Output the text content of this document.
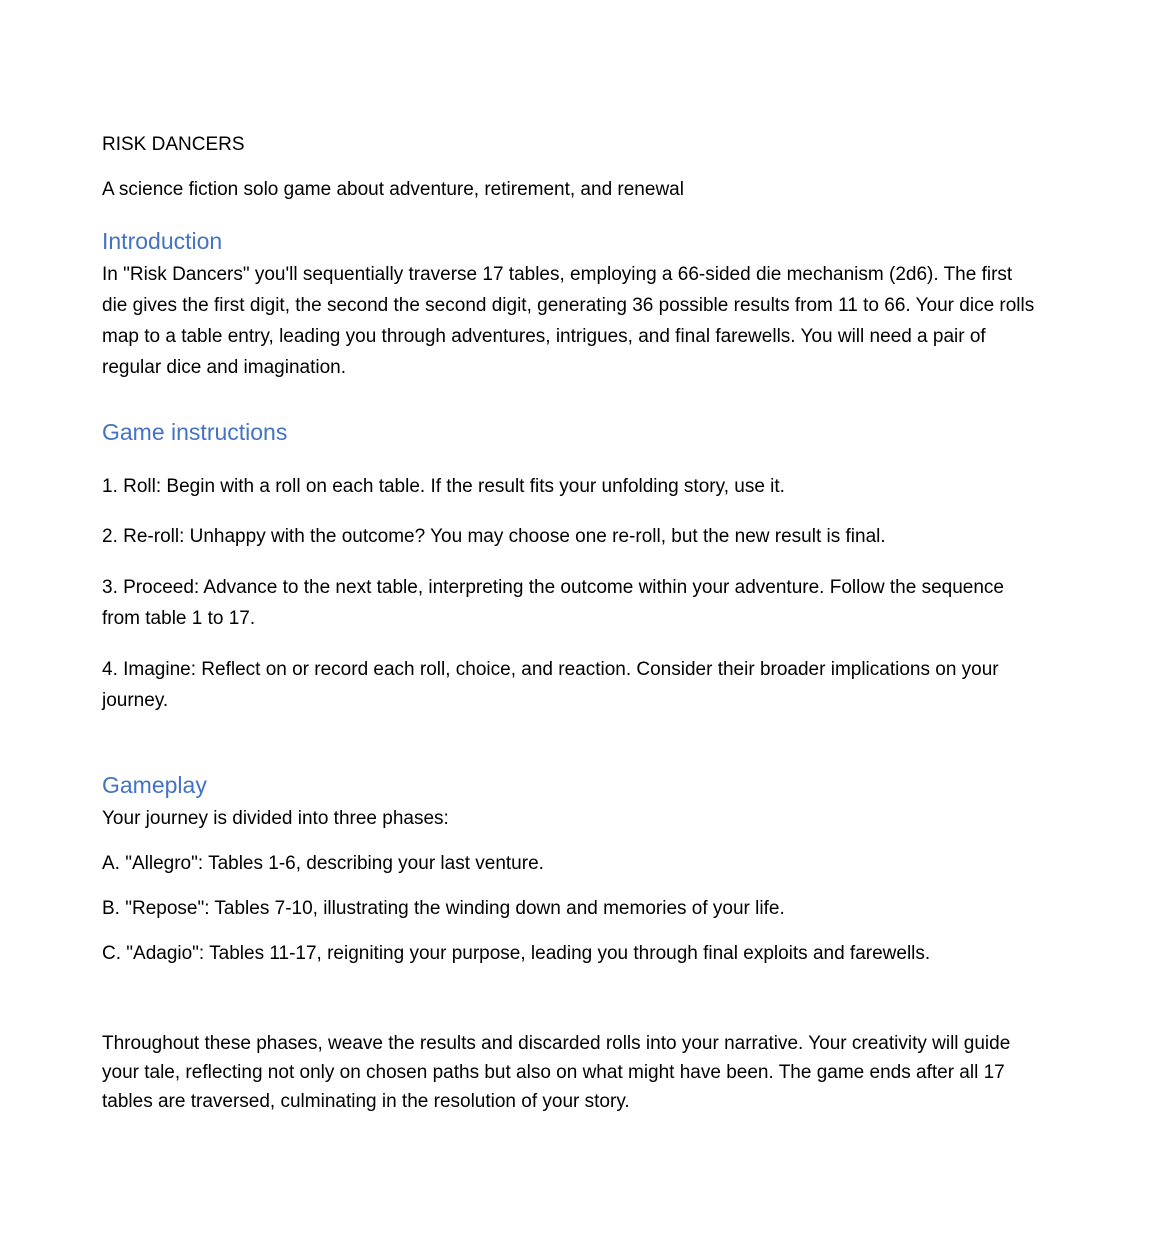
RISK DANCERS

A science fiction solo game about adventure, retirement, and renewal

Introduction

In "Risk Dancers" you'll sequentially traverse 17 tables, employing a 66-sided die mechanism (2d6). The first die gives the first digit, the second the second digit, generating 36 possible results from 11 to 66. Your dice rolls map to a table entry, leading you through adventures, intrigues, and final farewells. You will need a pair of regular dice and imagination.

Game instructions

1. Roll: Begin with a roll on each table. If the result fits your unfolding story, use it.

2. Re-roll: Unhappy with the outcome? You may choose one re-roll, but the new result is final.

3. Proceed: Advance to the next table, interpreting the outcome within your adventure. Follow the sequence from table 1 to 17.

4. Imagine: Reflect on or record each roll, choice, and reaction. Consider their broader implications on your journey.

Gameplay

Your journey is divided into three phases:

A. "Allegro": Tables 1-6, describing your last venture.

B. "Repose": Tables 7-10, illustrating the winding down and memories of your life.

C. "Adagio": Tables 11-17, reigniting your purpose, leading you through final exploits and farewells.

Throughout these phases, weave the results and discarded rolls into your narrative. Your creativity will guide your tale, reflecting not only on chosen paths but also on what might have been. The game ends after all 17 tables are traversed, culminating in the resolution of your story.
